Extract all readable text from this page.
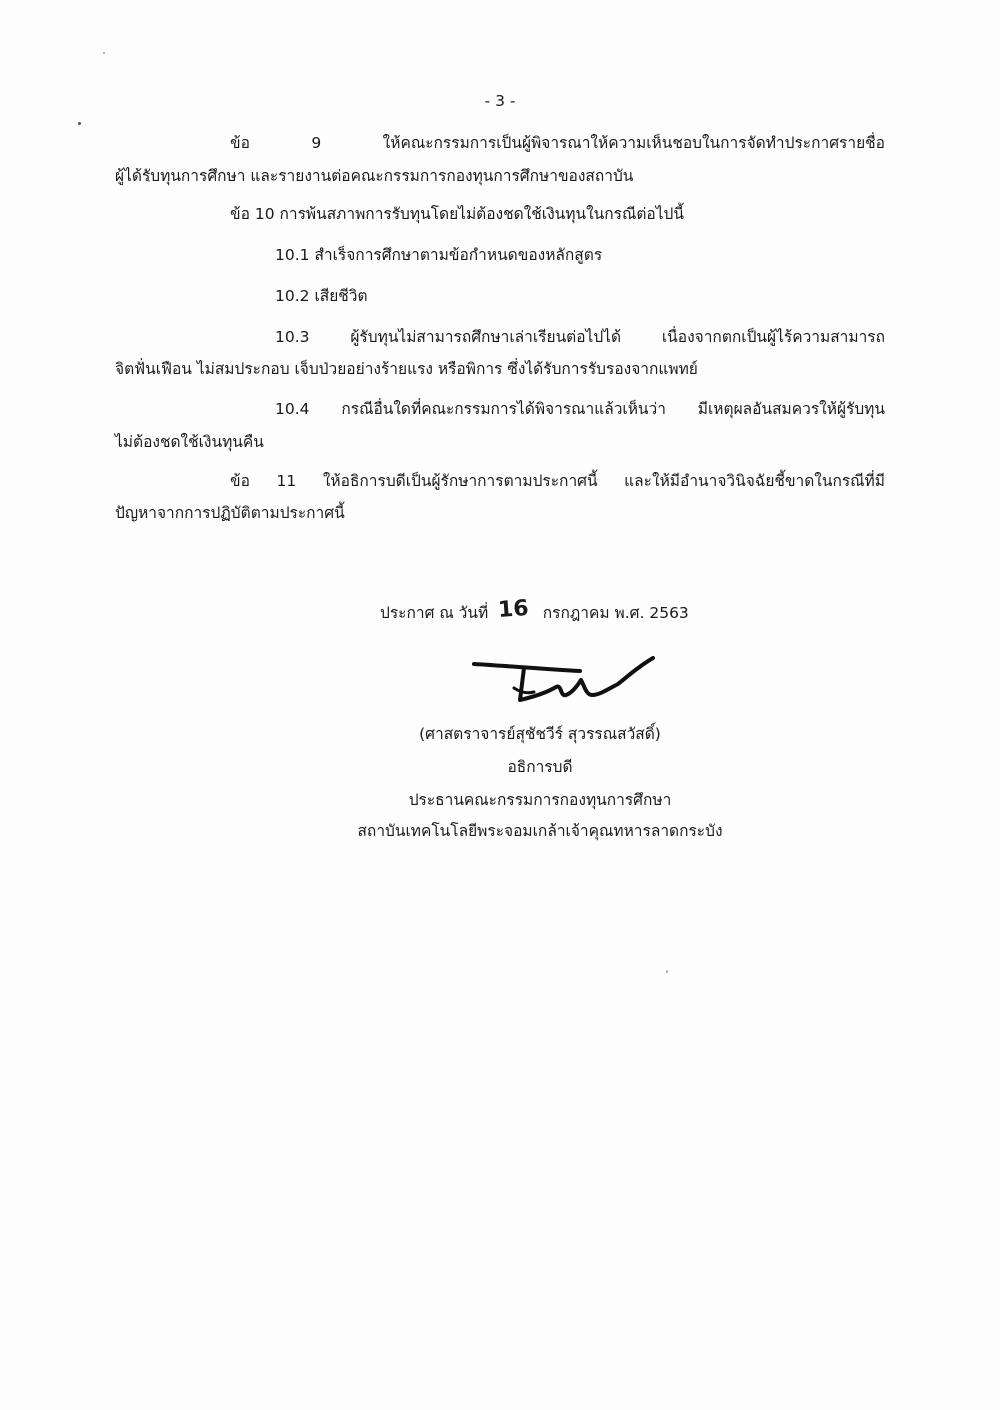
- 3 -
ข้อ 9 ให้คณะกรรมการเป็นผู้พิจารณาให้ความเห็นชอบในการจัดทำประกาศรายชื่อ
ผู้ได้รับทุนการศึกษา และรายงานต่อคณะกรรมการกองทุนการศึกษาของสถาบัน
ข้อ 10 การพ้นสภาพการรับทุนโดยไม่ต้องชดใช้เงินทุนในกรณีต่อไปนี้
10.1 สำเร็จการศึกษาตามข้อกำหนดของหลักสูตร
10.2 เสียชีวิต
10.3 ผู้รับทุนไม่สามารถศึกษาเล่าเรียนต่อไปได้ เนื่องจากตกเป็นผู้ไร้ความสามารถ
จิตฟั่นเฟือน ไม่สมประกอบ เจ็บป่วยอย่างร้ายแรง หรือพิการ ซึ่งได้รับการรับรองจากแพทย์
10.4 กรณีอื่นใดที่คณะกรรมการได้พิจารณาแล้วเห็นว่า มีเหตุผลอันสมควรให้ผู้รับทุน
ไม่ต้องชดใช้เงินทุนคืน
ข้อ 11 ให้อธิการบดีเป็นผู้รักษาการตามประกาศนี้ และให้มีอำนาจวินิจฉัยชี้ขาดในกรณีที่มี
ปัญหาจากการปฏิบัติตามประกาศนี้
ประกาศ ณ วันที่ 16 กรกฎาคม พ.ศ. 2563
(ศาสตราจารย์สุชัชวีร์ สุวรรณสวัสดิ์)
อธิการบดี
ประธานคณะกรรมการกองทุนการศึกษา
สถาบันเทคโนโลยีพระจอมเกล้าเจ้าคุณทหารลาดกระบัง
